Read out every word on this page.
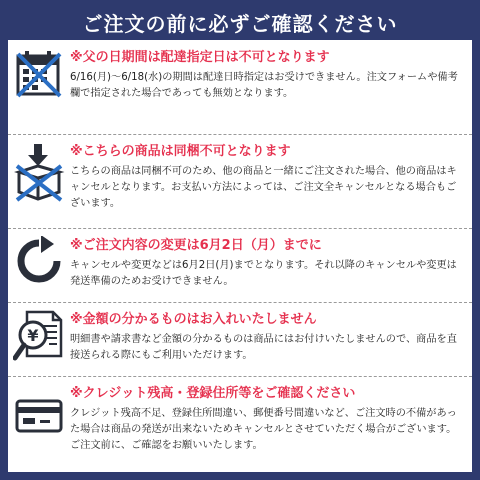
ご注文の前に必ずご確認ください
※父の日期間は配達指定日は不可となります
6/16(月)～6/18(水)の期間は配達日時指定はお受けできません。注文フォームや備考欄で指定された場合であっても無効となります。
※こちらの商品は同梱不可となります
こちらの商品は同梱不可のため、他の商品と一緒にご注文された場合、他の商品はキャンセルとなります。お支払い方法によっては、ご注文全キャンセルとなる場合もございます。
※ご注文内容の変更は6月2日（月）までに
キャンセルや変更などは6月2日(月)までとなります。それ以降のキャンセルや変更は発送準備のためお受けできません。
¥
※金額の分かるものはお入れいたしません
明細書や請求書など金額の分かるものは商品にはお付けいたしませんので、商品を直接送られる際にもご利用いただけます。
※クレジット残高・登録住所等をご確認ください
クレジット残高不足、登録住所間違い、郵便番号間違いなど、ご注文時の不備があった場合は商品の発送が出来ないためキャンセルとさせていただく場合がございます。ご注文前に、ご確認をお願いいたします。
